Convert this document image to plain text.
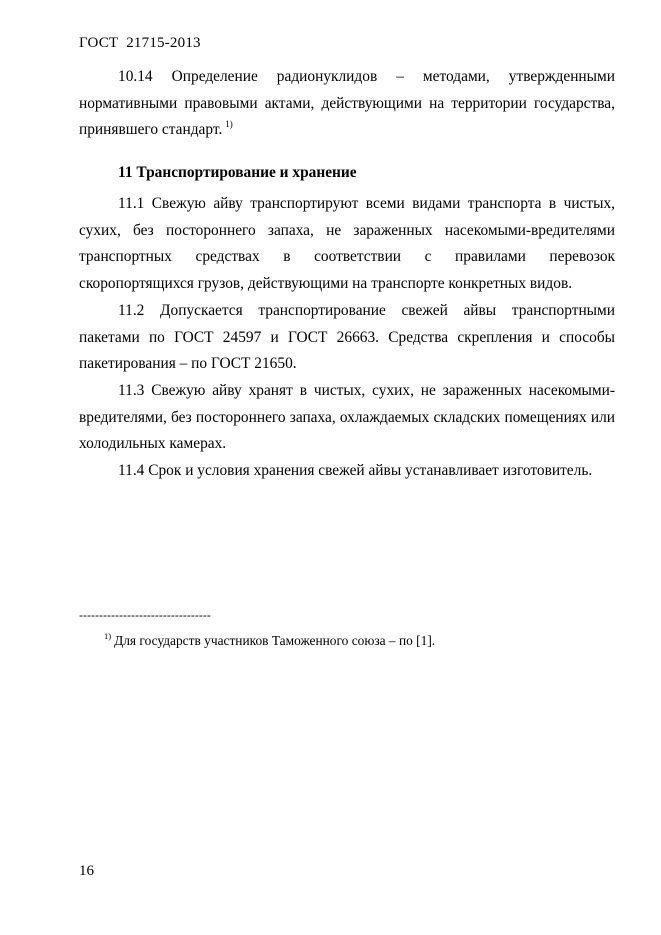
ГОСТ 21715-2013
10.14 Определение радионуклидов – методами, утвержденными нормативными правовыми актами, действующими на территории государства, принявшего стандарт. $^{1)}$
11 Транспортирование и хранение
11.1 Свежую айву транспортируют всеми видами транспорта в чистых, сухих, без постороннего запаха, не зараженных насекомыми-вредителями транспортных средствах в соответствии с правилами перевозок скоропортящихся грузов, действующими на транспорте конкретных видов.
11.2 Допускается транспортирование свежей айвы транспортными пакетами по ГОСТ 24597 и ГОСТ 26663. Средства скрепления и способы пакетирования – по ГОСТ 21650.
11.3 Свежую айву хранят в чистых, сухих, не зараженных насекомыми-вредителями, без постороннего запаха, охлаждаемых складских помещениях или холодильных камерах.
11.4 Срок и условия хранения свежей айвы устанавливает изготовитель.
---------------------------------
$^{1)}$ Для государств участников Таможенного союза – по [1].
16
